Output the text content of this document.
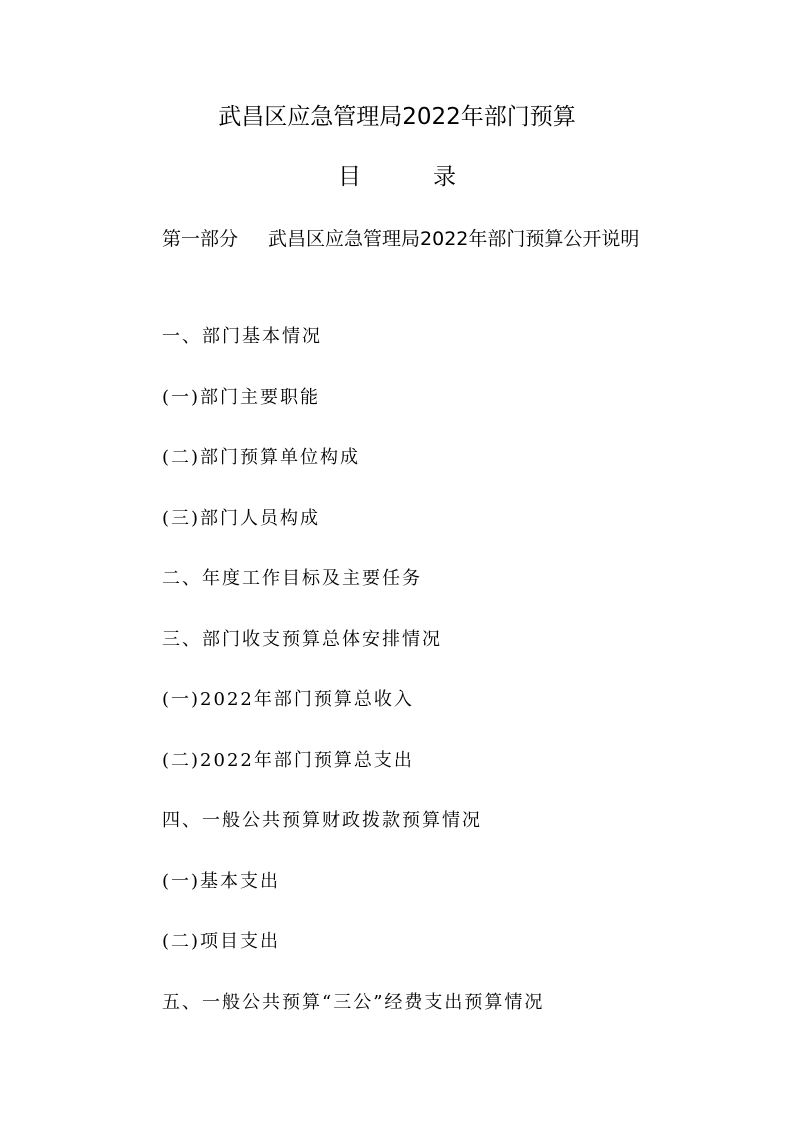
武昌区应急管理局2022年部门预算
目	录
第一部分 武昌区应急管理局2022年部门预算公开说明
一、部门基本情况
(一)部门主要职能
(二)部门预算单位构成
(三)部门人员构成
二、年度工作目标及主要任务
三、部门收支预算总体安排情况
(一)2022年部门预算总收入
(二)2022年部门预算总支出
四、一般公共预算财政拨款预算情况
(一)基本支出
(二)项目支出
五、一般公共预算“三公”经费支出预算情况
